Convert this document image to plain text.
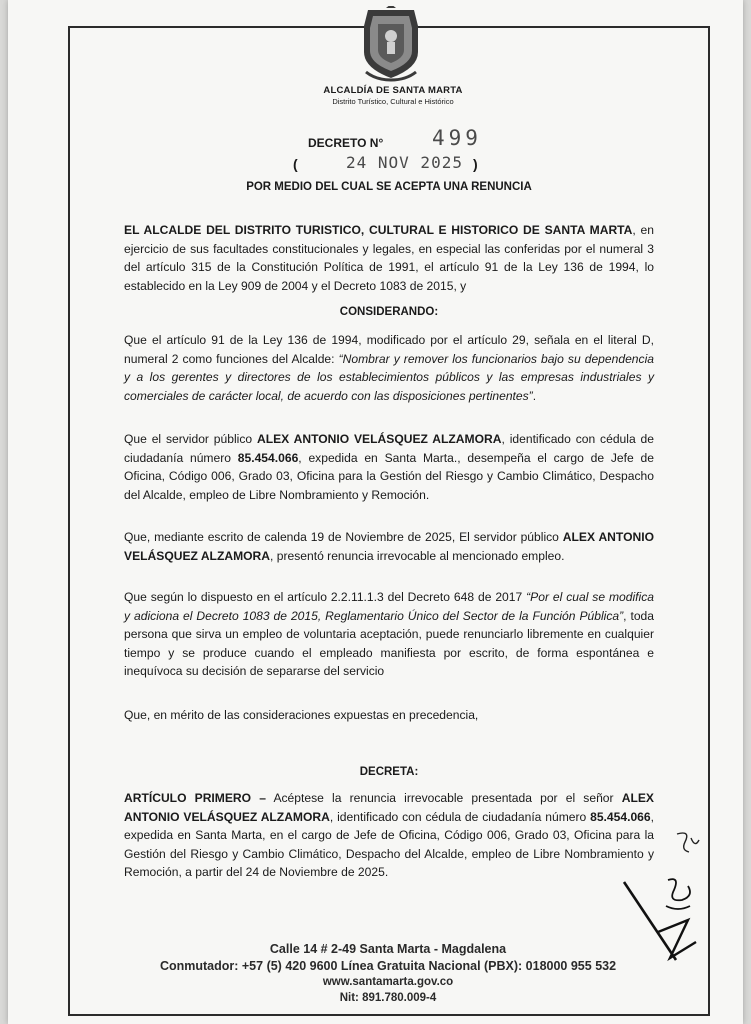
ALCALDÍA DE SANTA MARTA
Distrito Turístico, Cultural e Histórico
DECRETO N° 499
(	24 NOV 2025 )
POR MEDIO DEL CUAL SE ACEPTA UNA RENUNCIA

EL ALCALDE DEL DISTRITO TURISTICO, CULTURAL E HISTORICO DE SANTA MARTA, en ejercicio de sus facultades constitucionales y legales, en especial las conferidas por el numeral 3 del artículo 315 de la Constitución Política de 1991, el artículo 91 de la Ley 136 de 1994, lo establecido en la Ley 909 de 2004 y el Decreto 1083 de 2015, y

CONSIDERANDO:

Que el artículo 91 de la Ley 136 de 1994, modificado por el artículo 29, señala en el literal D, numeral 2 como funciones del Alcalde: “Nombrar y remover los funcionarios bajo su dependencia y a los gerentes y directores de los establecimientos públicos y las empresas industriales y comerciales de carácter local, de acuerdo con las disposiciones pertinentes”.

Que el servidor público ALEX ANTONIO VELÁSQUEZ ALZAMORA, identificado con cédula de ciudadanía número 85.454.066, expedida en Santa Marta., desempeña el cargo de Jefe de Oficina, Código 006, Grado 03, Oficina para la Gestión del Riesgo y Cambio Climático, Despacho del Alcalde, empleo de Libre Nombramiento y Remoción.

Que, mediante escrito de calenda 19 de Noviembre de 2025, El servidor público ALEX ANTONIO VELÁSQUEZ ALZAMORA, presentó renuncia irrevocable al mencionado empleo.

Que según lo dispuesto en el artículo 2.2.11.1.3 del Decreto 648 de 2017 “Por el cual se modifica y adiciona el Decreto 1083 de 2015, Reglamentario Único del Sector de la Función Pública”, toda persona que sirva un empleo de voluntaria aceptación, puede renunciarlo libremente en cualquier tiempo y se produce cuando el empleado manifiesta por escrito, de forma espontánea e inequívoca su decisión de separarse del servicio

Que, en mérito de las consideraciones expuestas en precedencia,

DECRETA:

ARTÍCULO PRIMERO – Acéptese la renuncia irrevocable presentada por el señor ALEX ANTONIO VELÁSQUEZ ALZAMORA, identificado con cédula de ciudadanía número 85.454.066, expedida en Santa Marta, en el cargo de Jefe de Oficina, Código 006, Grado 03, Oficina para la Gestión del Riesgo y Cambio Climático, Despacho del Alcalde, empleo de Libre Nombramiento y Remoción, a partir del 24 de Noviembre de 2025.

Calle 14 # 2-49 Santa Marta - Magdalena
Conmutador: +57 (5) 420 9600 Línea Gratuita Nacional (PBX): 018000 955 532
www.santamarta.gov.co
Nit: 891.780.009-4
